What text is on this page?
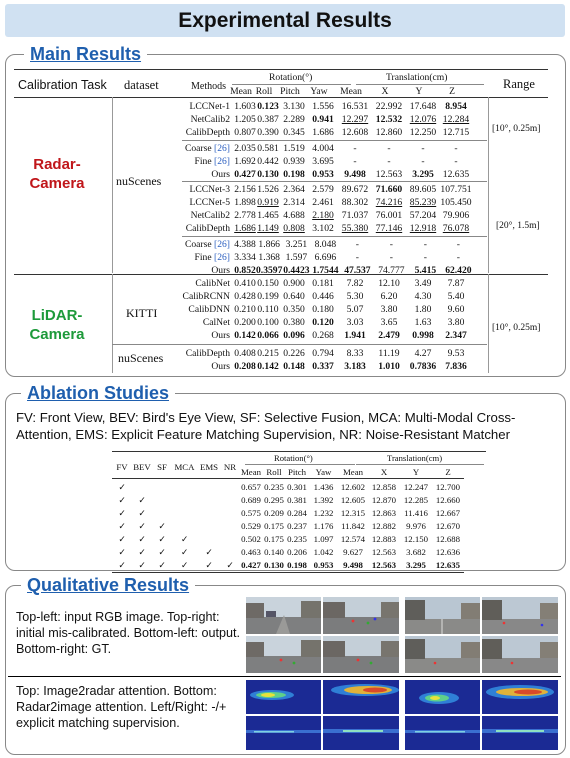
Experimental Results
Main Results
Calibration Task dataset	Methods
Rotation(°)	Translation(cm)	Range
Mean Roll Pitch	Yaw	Mean	X	Y	Z
Radar-
Camera	nuScenes
LCCNet-1	1.603	0.123	3.130	1.556	16.531	22.992	17.648	8.954
NetCalib2	1.205	0.387	2.289	0.941	12.297	12.532	12.076	12.284
CalibDepth	0.807	0.390	0.345	1.686	12.608	12.860	12.250	12.715
Coarse [26]	2.035	0.581	1.519	4.004	-	-	-	-
Fine [26]	1.692	0.442	0.939	3.695	-	-	-	-
Ours	0.427	0.130	0.198	0.953	9.498	12.563	3.295	12.635
LCCNet-3	2.156	1.526	2.364	2.579	89.672	71.660	89.605	107.751
LCCNet-5	1.898	0.919	2.314	2.461	88.302	74.216	85.239	105.450
NetCalib2	2.778	1.465	4.688	2.180	71.037	76.001	57.204	79.906
CalibDepth	1.686	1.149	0.808	3.102	55.380	77.146	12.918	76.078
Coarse [26]	4.388	1.866	3.251	8.048	-	-	-	-
Fine [26]	3.334	1.368	1.597	6.696	-	-	-	-
Ours	0.852	0.3597	0.4423	1.7544	47.537	74.777	5.415	62.420
[10°, 0.25m]
[20°, 1.5m]
LiDAR-
Camera
KITTI
nuScenes
CalibNet	0.410	0.150	0.900	0.181	7.82	12.10	3.49	7.87
CalibRCNN	0.428	0.199	0.640	0.446	5.30	6.20	4.30	5.40
CalibDNN	0.210	0.110	0.350	0.180	5.07	3.80	1.80	9.60
CalNet	0.200	0.100	0.380	0.120	3.03	3.65	1.63	3.80
Ours	0.142	0.066	0.096	0.268	1.941	2.479	0.998	2.347
CalibDepth	0.408	0.215	0.226	0.794	8.33	11.19	4.27	9.53
Ours	0.208	0.142	0.148	0.337	3.183	1.010	0.7836	7.836
[10°, 0.25m]
Ablation Studies
FV: Front View, BEV: Bird's Eye View, SF: Selective Fusion, MCA: Multi-Modal Cross-Attention, EMS: Explicit Feature Matching Supervision, NR: Noise-Resistant Matcher
Rotation(°)	Translation(cm)
FV	BEV	SF	MCA	EMS	NR	Mean	Roll	Pitch	Yaw	Mean	X	Y	Z

✓						0.657	0.235	0.301	1.436	12.602	12.858	12.247	12.700
✓	✓					0.689	0.295	0.381	1.392	12.605	12.870	12.285	12.660
✓	✓					0.575	0.209	0.284	1.232	12.315	12.863	11.416	12.667
✓	✓	✓				0.529	0.175	0.237	1.176	11.842	12.882	9.976	12.670
✓	✓	✓	✓			0.502	0.175	0.235	1.097	12.574	12.883	12.150	12.688
✓	✓	✓	✓	✓		0.463	0.140	0.206	1.042	9.627	12.563	3.682	12.636
✓	✓	✓	✓	✓	✓	0.427	0.130	0.198	0.953	9.498	12.563	3.295	12.635

Qualitative Results
Top-left: input RGB image. Top-right: initial mis-calibrated. Bottom-left: output. Bottom-right: GT.
Top: Image2radar attention. Bottom: Radar2image attention. Left/Right: -/+ explicit matching supervision.
